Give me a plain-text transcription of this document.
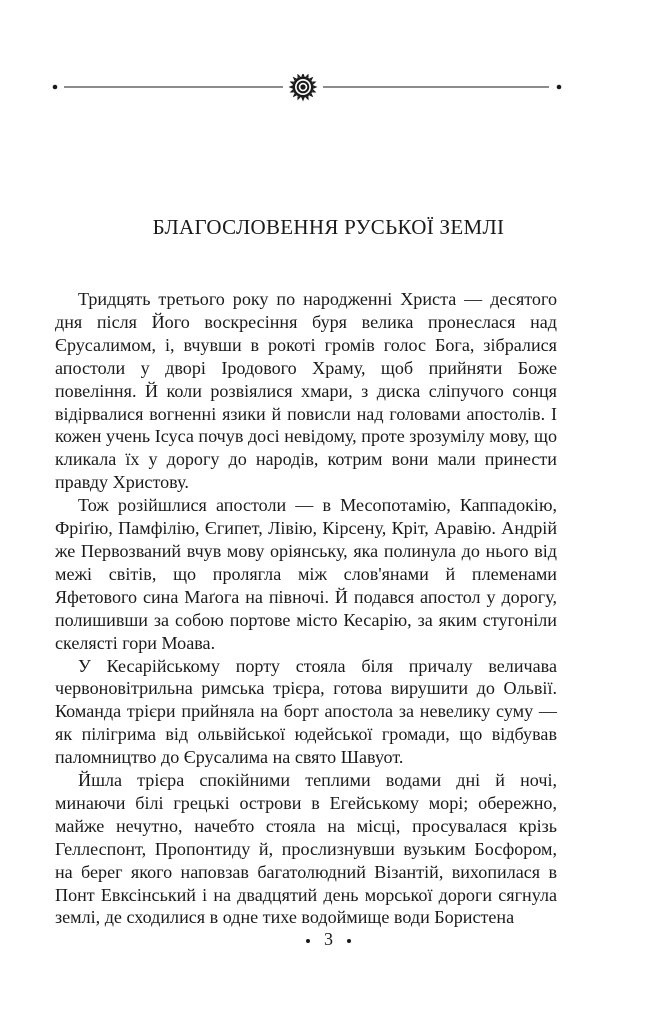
БЛАГОСЛОВЕННЯ РУСЬКОЇ ЗЕМЛІ

Тридцять третього року по народженні Христа — десятого дня після Його воскресіння буря велика пронеслася над Єрусалимом, і, вчувши в рокоті громів голос Бога, зібралися апостоли у дворі Іродового Храму, щоб прийняти Боже повеління. Й коли розвіялися хмари, з диска сліпучого сонця відірвалися вогненні язики й повисли над головами апостолів. І кожен учень Ісуса почув досі невідому, проте зрозумілу мову, що кликала їх у дорогу до народів, котрим вони мали принести правду Христову.

Тож розійшлися апостоли — в Месопотамію, Каппадокію, Фріґію, Памфілію, Єгипет, Лівію, Кірсену, Кріт, Аравію. Андрій же Первозваний вчув мову оріянську, яка полинула до нього від межі світів, що пролягла між слов'янами й племенами Яфетового сина Маґога на півночі. Й подався апостол у дорогу, полишивши за собою портове місто Кесарію, за яким стугоніли скелясті гори Моава.

У Кесарійському порту стояла біля причалу величава червоновітрильна римська трієра, готова вирушити до Ольвії. Команда трієри прийняла на борт апостола за невелику суму — як пілігрима від ольвійської юдейської громади, що відбував паломництво до Єрусалима на свято Шавуот.

Йшла трієра спокійними теплими водами дні й ночі, минаючи білі грецькі острови в Егейському морі; обережно, майже нечутно, начебто стояла на місці, просувалася крізь Геллеспонт, Пропонтиду й, прослизнувши вузьким Босфором, на берег якого наповзав багатолюдний Візантій, вихопилася в Понт Евксінський і на двадцятий день морської дороги сягнула землі, де сходилися в одне тихе водоймище води Бористена

3
